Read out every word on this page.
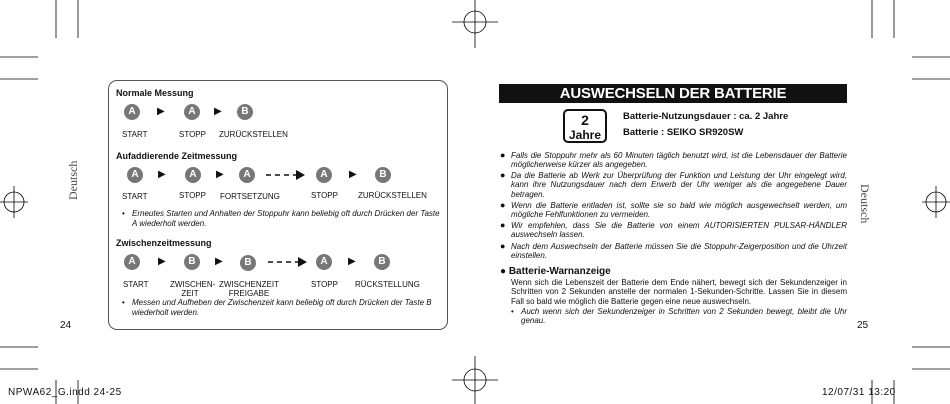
Normale Messung
A	▶	A	▶	B
START	STOPP ZURÜCKSTELLEN
Aufaddierende Zeitmessung
A	▶	A	▶	A	A	▶	B
START	STOPP FORTSETZUNG	STOPP	ZURÜCKSTELLEN
• Erneutes Starten und Anhalten der Stoppuhr kann beliebig oft durch Drücken der Taste A wiederholt werden.
Zwischenzeitmessung
A	▶	B	▶	B	A	▶	B
START	ZWISCHEN-
ZEIT
ZWISCHENZEIT
FREIGABE
STOPP RÜCKSTELLUNG
• Messen und Aufheben der Zwischenzeit kann beliebig oft durch Drücken der Taste B wiederholt werden.
24
Deutsch
AUSWECHSELN DER BATTERIE
2
Jahre
Batterie-Nutzungsdauer : ca. 2 Jahre
Batterie : SEIKO SR920SW
● Falls die Stoppuhr mehr als 60 Minuten täglich benutzt wird, ist die Lebensdauer der Batterie möglicherweise kürzer als angegeben.
● Da die Batterie ab Werk zur Überprüfung der Funktion und Leistung der Uhr eingelegt wird, kann ihre Nutzungsdauer nach dem Erwerb der Uhr weniger als die angegebene Dauer betragen.
● Wenn die Batterie entladen ist, sollte sie so bald wie möglich ausgewechselt werden, um mögliche Fehlfunktionen zu vermeiden.
● Wir empfehlen, dass Sie die Batterie von einem AUTORISIERTEN PULSAR-HÄNDLER auswechseln lassen.
● Nach dem Auswechseln der Batterie müssen Sie die Stoppuhr-Zeigerposition und die Uhrzeit einstellen.
● Batterie-Warnanzeige
Wenn sich die Lebenszeit der Batterie dem Ende nähert, bewegt sich der Sekundenzeiger in Schritten von 2 Sekunden anstelle der normalen 1-Sekunden-Schritte. Lassen Sie in diesem Fall so bald wie möglich die Batterie gegen eine neue auswechseln.
• Auch wenn sich der Sekundenzeiger in Schritten von 2 Sekunden bewegt, bleibt die Uhr genau.	25
Deutsch
NPWA62_G.indd 24-25	12/07/31 13:20
